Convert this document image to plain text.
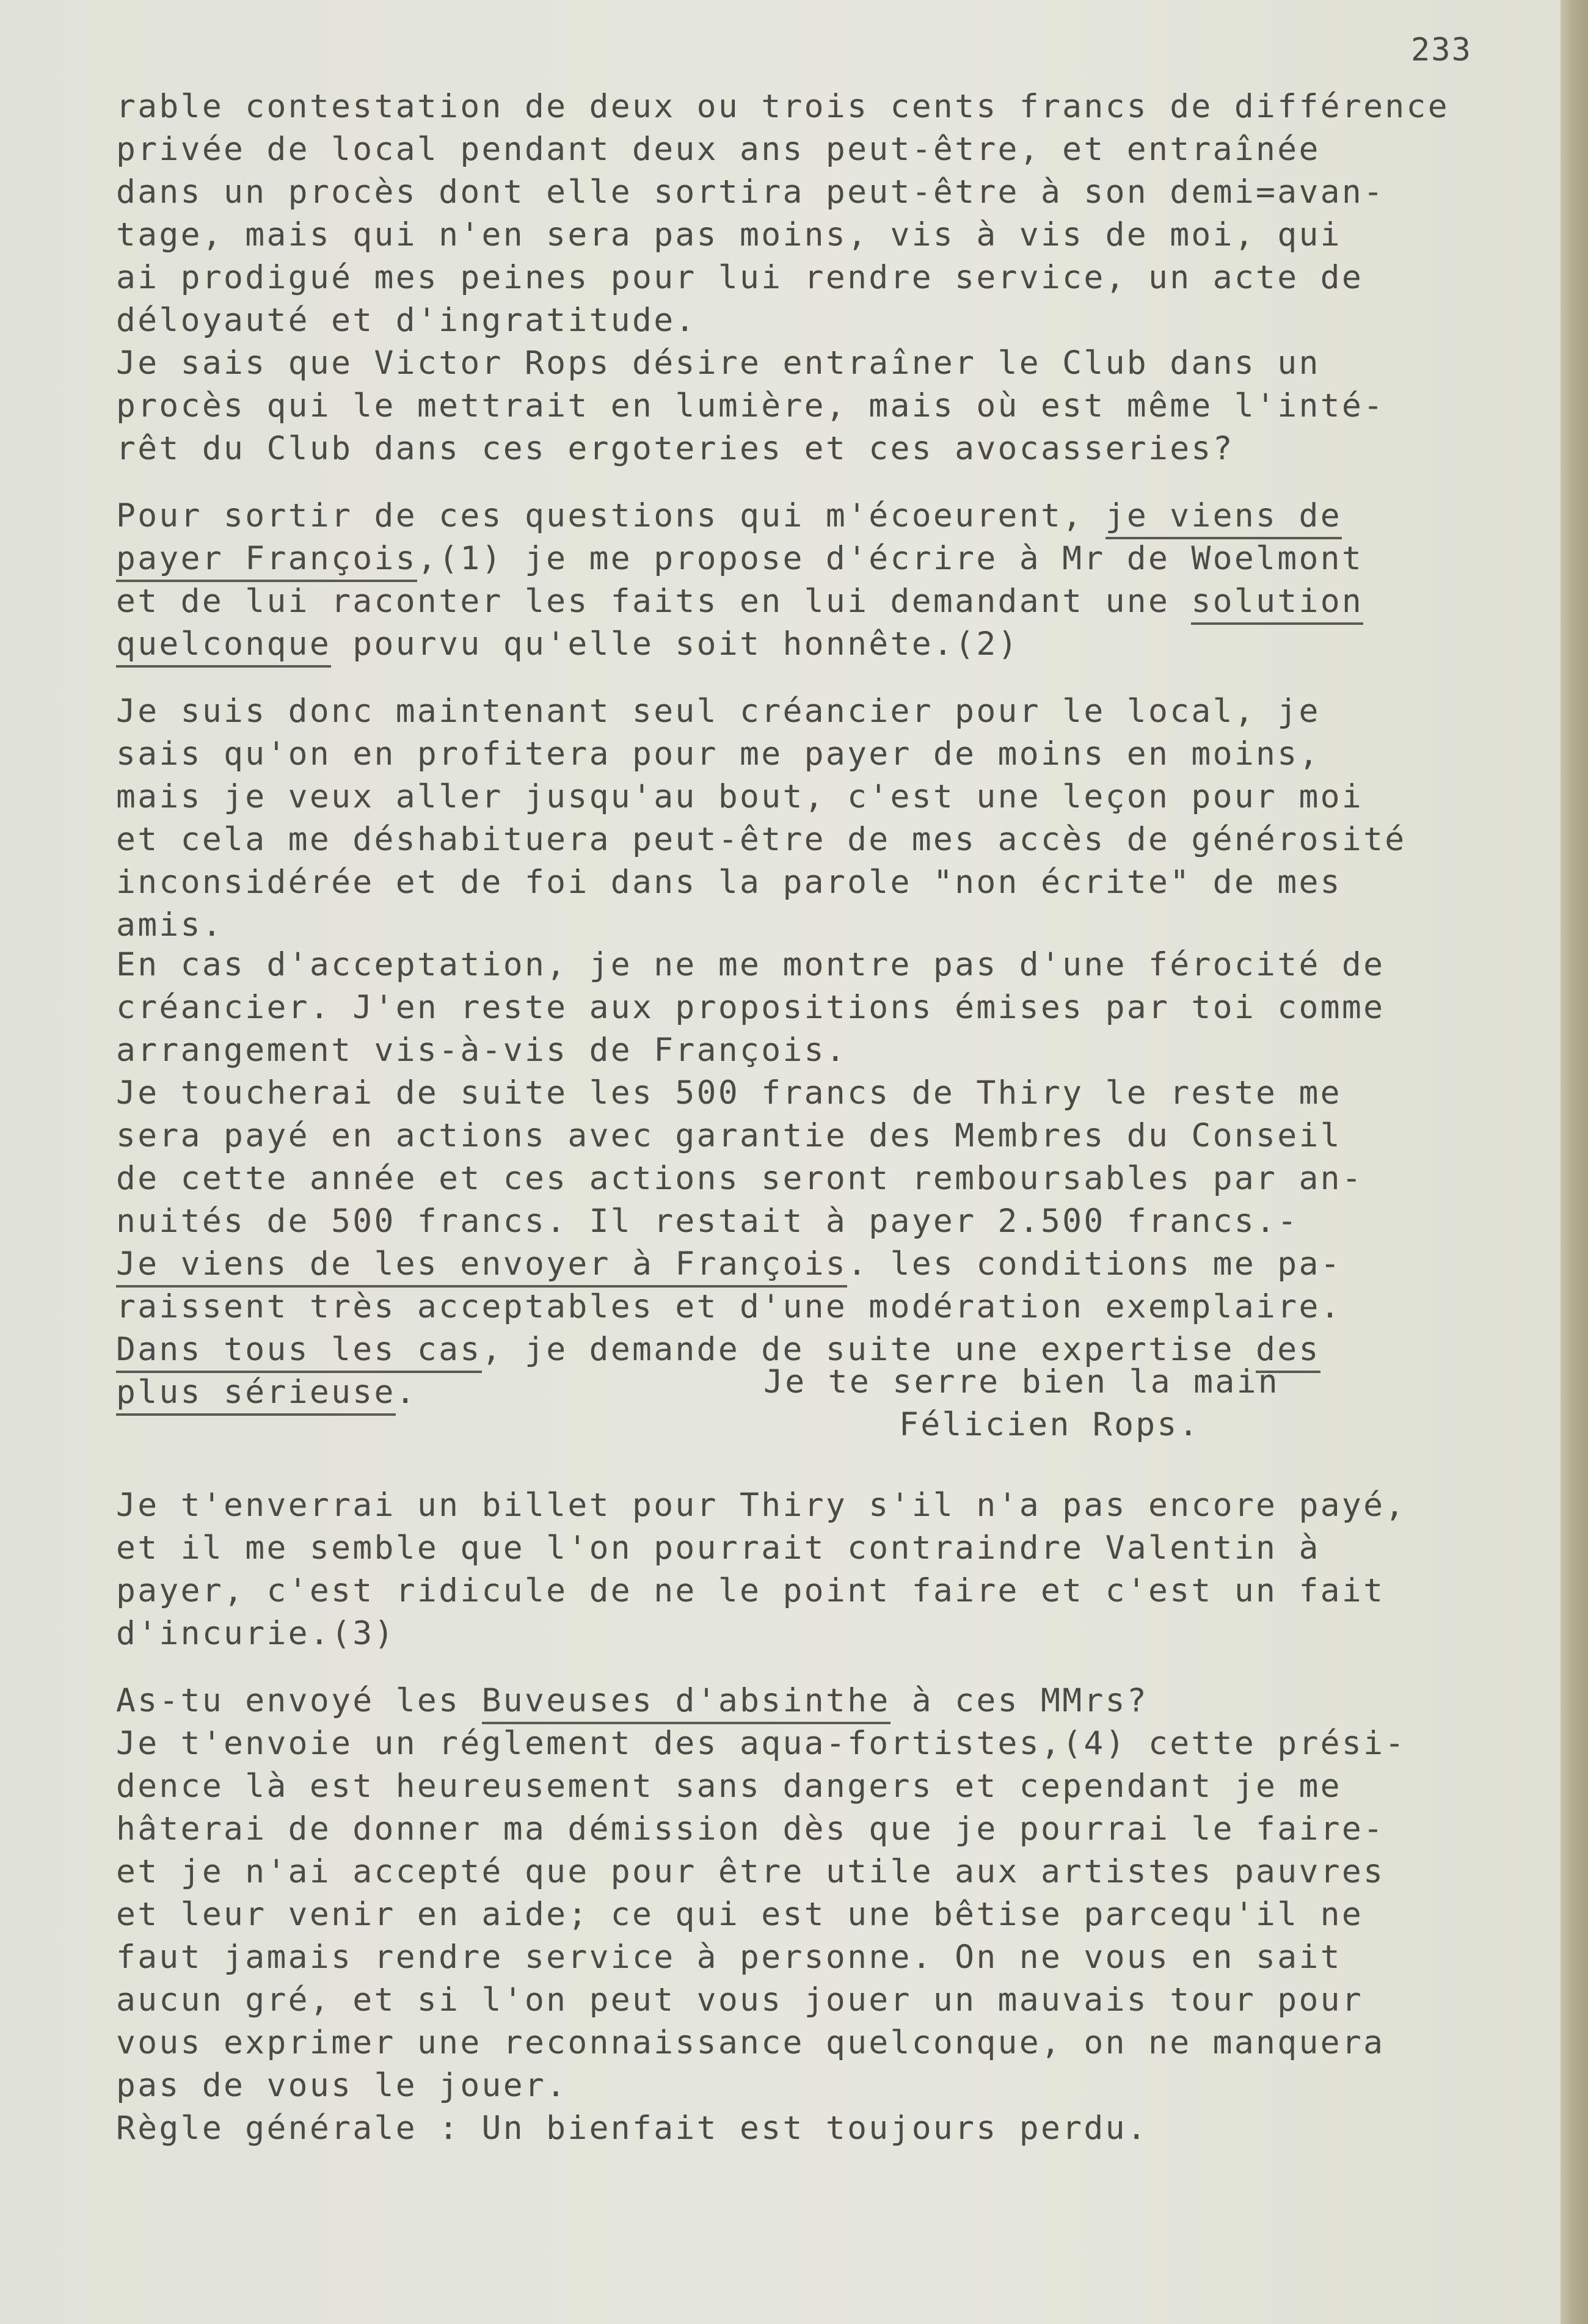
233
rable contestation de deux ou trois cents francs de différence
privée de local pendant deux ans peut-être, et entraînée
dans un procès dont elle sortira peut-être à son demi=avan-
tage, mais qui n'en sera pas moins, vis à vis de moi, qui
ai prodigué mes peines pour lui rendre service, un acte de
déloyauté et d'ingratitude.
Je sais que Victor Rops désire entraîner le Club dans un
procès qui le mettrait en lumière, mais où est même l'inté-
rêt du Club dans ces ergoteries et ces avocasseries?
Pour sortir de ces questions qui m'écoeurent, je viens de
payer François,(1) je me propose d'écrire à Mr de Woelmont
et de lui raconter les faits en lui demandant une solution
quelconque pourvu qu'elle soit honnête.(2)
Je suis donc maintenant seul créancier pour le local, je
sais qu'on en profitera pour me payer de moins en moins,
mais je veux aller jusqu'au bout, c'est une leçon pour moi
et cela me déshabituera peut-être de mes accès de générosité
inconsidérée et de foi dans la parole "non écrite" de mes
amis.
En cas d'acceptation, je ne me montre pas d'une férocité de
créancier. J'en reste aux propositions émises par toi comme
arrangement vis-à-vis de François.
Je toucherai de suite les 500 francs de Thiry le reste me
sera payé en actions avec garantie des Membres du Conseil
de cette année et ces actions seront remboursables par an-
nuités de 500 francs. Il restait à payer 2.500 francs.-
Je viens de les envoyer à François. les conditions me pa-
raissent très acceptables et d'une modération exemplaire.
Dans tous les cas, je demande de suite une expertise des
plus sérieuse.
Je t'enverrai un billet pour Thiry s'il n'a pas encore payé,
et il me semble que l'on pourrait contraindre Valentin à
payer, c'est ridicule de ne le point faire et c'est un fait
d'incurie.(3)
As-tu envoyé les Buveuses d'absinthe à ces MMrs?
Je t'envoie un réglement des aqua-fortistes,(4) cette prési-
dence là est heureusement sans dangers et cependant je me
hâterai de donner ma démission dès que je pourrai le faire-
et je n'ai accepté que pour être utile aux artistes pauvres
et leur venir en aide; ce qui est une bêtise parcequ'il ne
faut jamais rendre service à personne. On ne vous en sait
aucun gré, et si l'on peut vous jouer un mauvais tour pour
vous exprimer une reconnaissance quelconque, on ne manquera
pas de vous le jouer.
Règle générale : Un bienfait est toujours perdu.
Je te serre bien la main
Félicien Rops.
